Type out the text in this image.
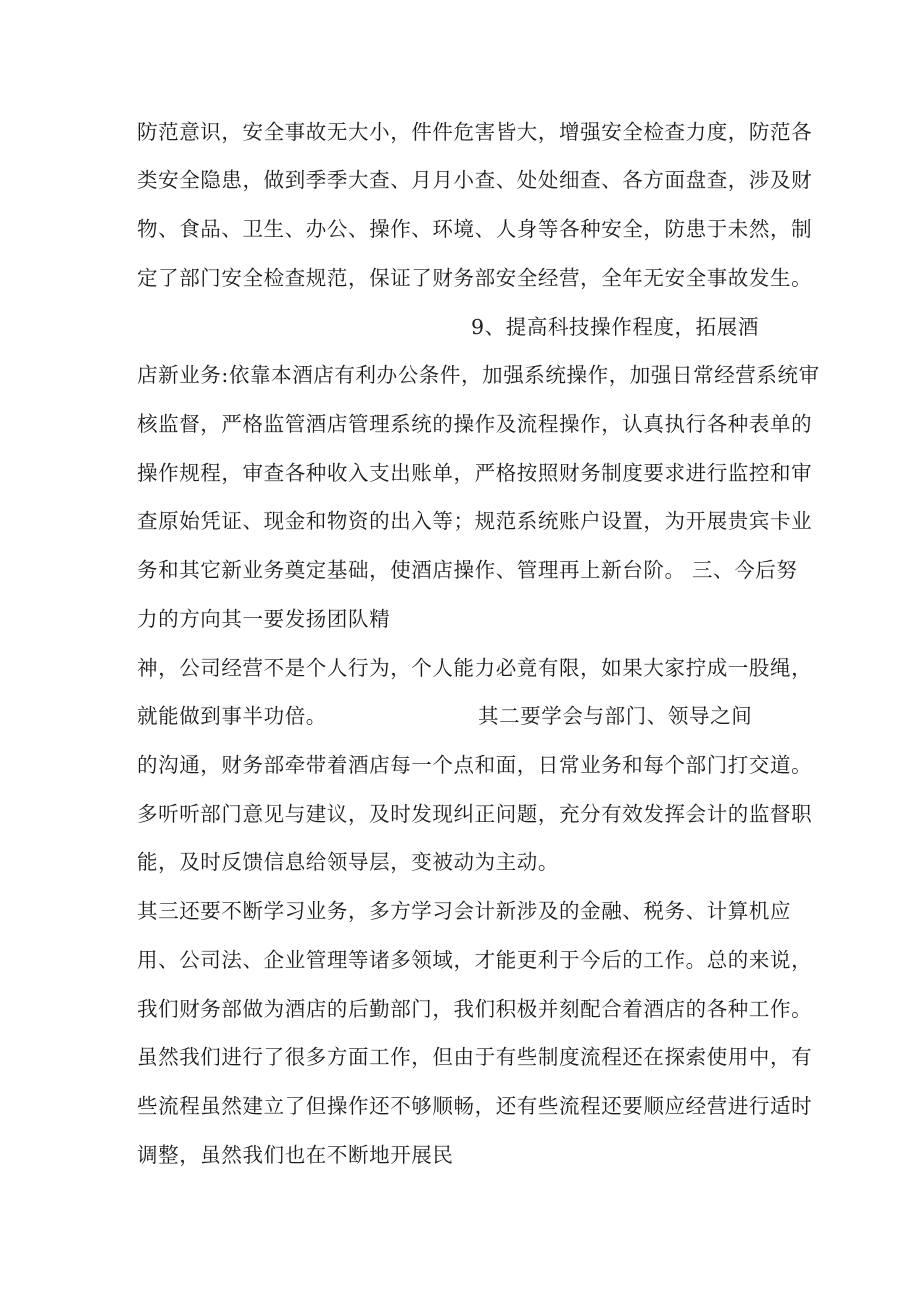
防范意识，安全事故无大小，件件危害皆大，增强安全检查力度，防范各
类安全隐患，做到季季大查、月月小查、处处细查、各方面盘查，涉及财
物、食品、卫生、办公、操作、环境、人身等各种安全，防患于未然，制
定了部门安全检查规范，保证了财务部安全经营，全年无安全事故发生。
9、提高科技操作程度，拓展酒
店新业务:依靠本酒店有利办公条件，加强系统操作，加强日常经营系统审
核监督，严格监管酒店管理系统的操作及流程操作，认真执行各种表单的
操作规程，审查各种收入支出账单，严格按照财务制度要求进行监控和审
查原始凭证、现金和物资的出入等；规范系统账户设置，为开展贵宾卡业
务和其它新业务奠定基础，使酒店操作、管理再上新台阶。 三、今后努
力的方向其一要发扬团队精
神，公司经营不是个人行为，个人能力必竟有限，如果大家拧成一股绳，
就能做到事半功倍。	其二要学会与部门、领导之间
的沟通，财务部牵带着酒店每一个点和面，日常业务和每个部门打交道。
多听听部门意见与建议，及时发现纠正问题，充分有效发挥会计的监督职
能，及时反馈信息给领导层，变被动为主动。
其三还要不断学习业务，多方学习会计新涉及的金融、税务、计算机应
用、公司法、企业管理等诸多领域，才能更利于今后的工作。总的来说，
我们财务部做为酒店的后勤部门，我们积极并刻配合着酒店的各种工作。
虽然我们进行了很多方面工作，但由于有些制度流程还在探索使用中，有
些流程虽然建立了但操作还不够顺畅，还有些流程还要顺应经营进行适时
调整，虽然我们也在不断地开展民
